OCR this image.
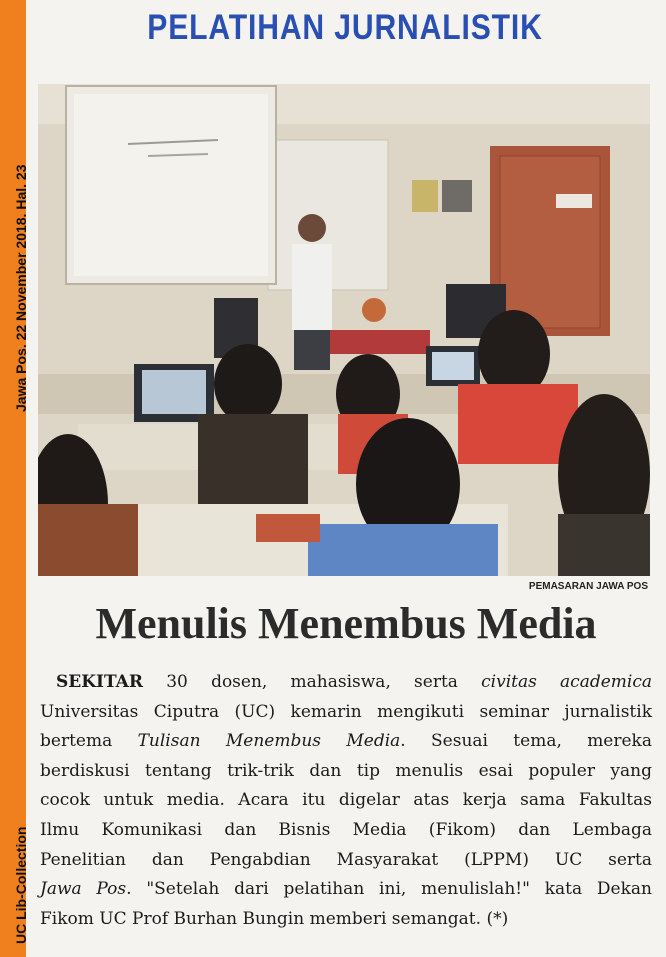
Jawa Pos. 22 November 2018. Hal. 23
UC Lib-Collection
PELATIHAN JURNALISTIK
PEMASARAN JAWA POS
Menulis Menembus Media

SEKITAR 30 dosen, mahasiswa, serta civitas academica

Universitas Ciputra (UC) kemarin mengikuti seminar jurnalistik

bertema Tulisan Menembus Media. Sesuai tema, mereka

berdiskusi tentang trik-trik dan tip menulis esai populer yang

cocok untuk media. Acara itu digelar atas kerja sama Fakultas

Ilmu Komunikasi dan Bisnis Media (Fikom) dan Lembaga

Penelitian dan Pengabdian Masyarakat (LPPM) UC serta

Jawa Pos. "Setelah dari pelatihan ini, menulislah!" kata Dekan

Fikom UC Prof Burhan Bungin memberi semangat. (*)
